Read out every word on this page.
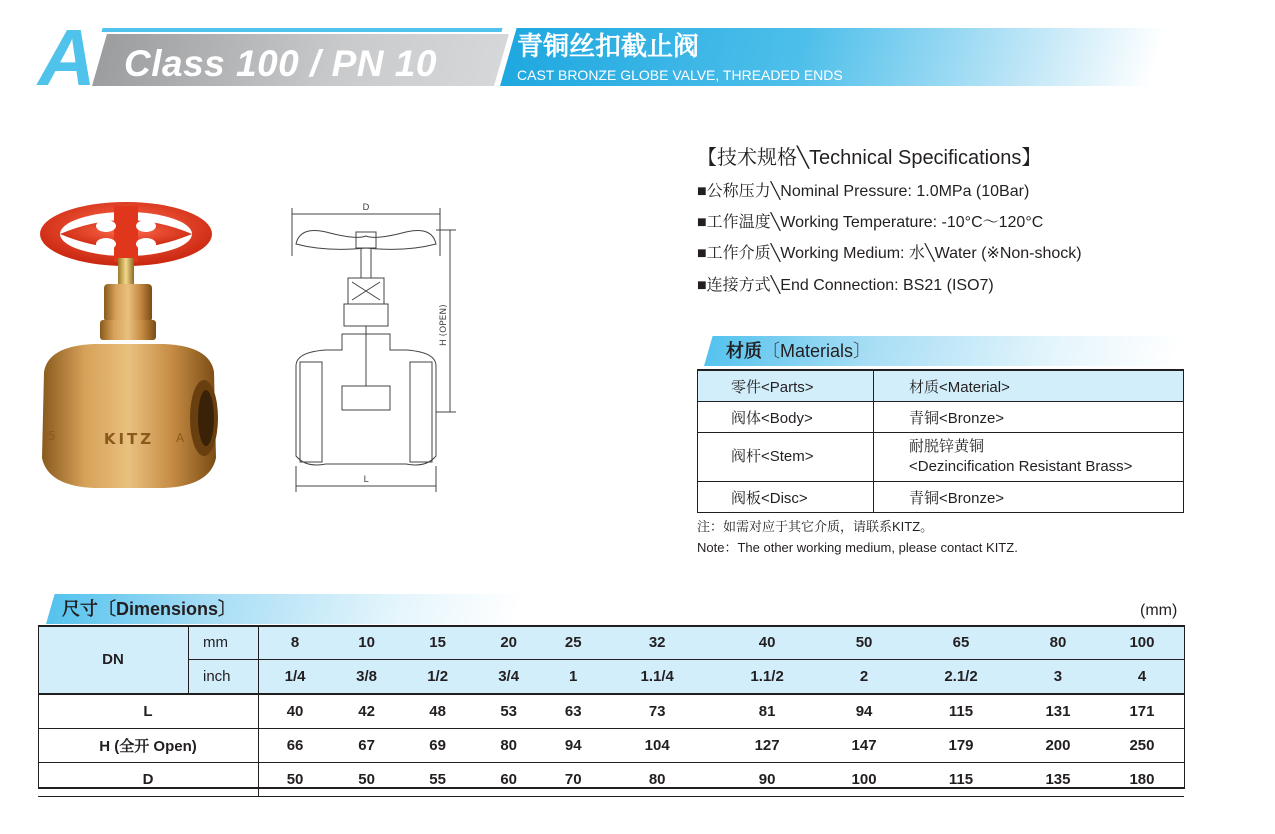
A Class 100 / PN 10	青铜丝扣截止阀
CAST BRONZE GLOBE VALVE, THREADED ENDS
KITZ
5	A
D
H (OPEN)
L
【技术规格╲Technical Specifications】
■公称压力╲Nominal Pressure: 1.0MPa (10Bar)
■工作温度╲Working Temperature: -10°C～120°C
■工作介质╲Working Medium: 水╲Water (※Non-shock)
■连接方式╲End Connection: BS21 (ISO7)
材质〔Materials〕
零件<Parts>	材质<Material>
阀体<Body>	青铜<Bronze>
阀杆<Stem>	耐脱锌黄铜
<Dezincification Resistant Brass>

阀板<Disc>	青铜<Bronze>
注：如需对应于其它介质，请联系KITZ。
Note：The other working medium, please contact KITZ.
尺寸〔Dimensions〕	(mm)
DN	mm	8	10	15	20	25	32	40	50	65	80	100
	inch	1/4	3/8	1/2	3/4	1	1.1/4	1.1/2	2	2.1/2	3	4
L		40	42	48	53	63	73	81	94	115	131	171
H (全开 Open)		66	67	69	80	94	104	127	147	179	200	250
D		50	50	55	60	70	80	90	100	115	135	180
